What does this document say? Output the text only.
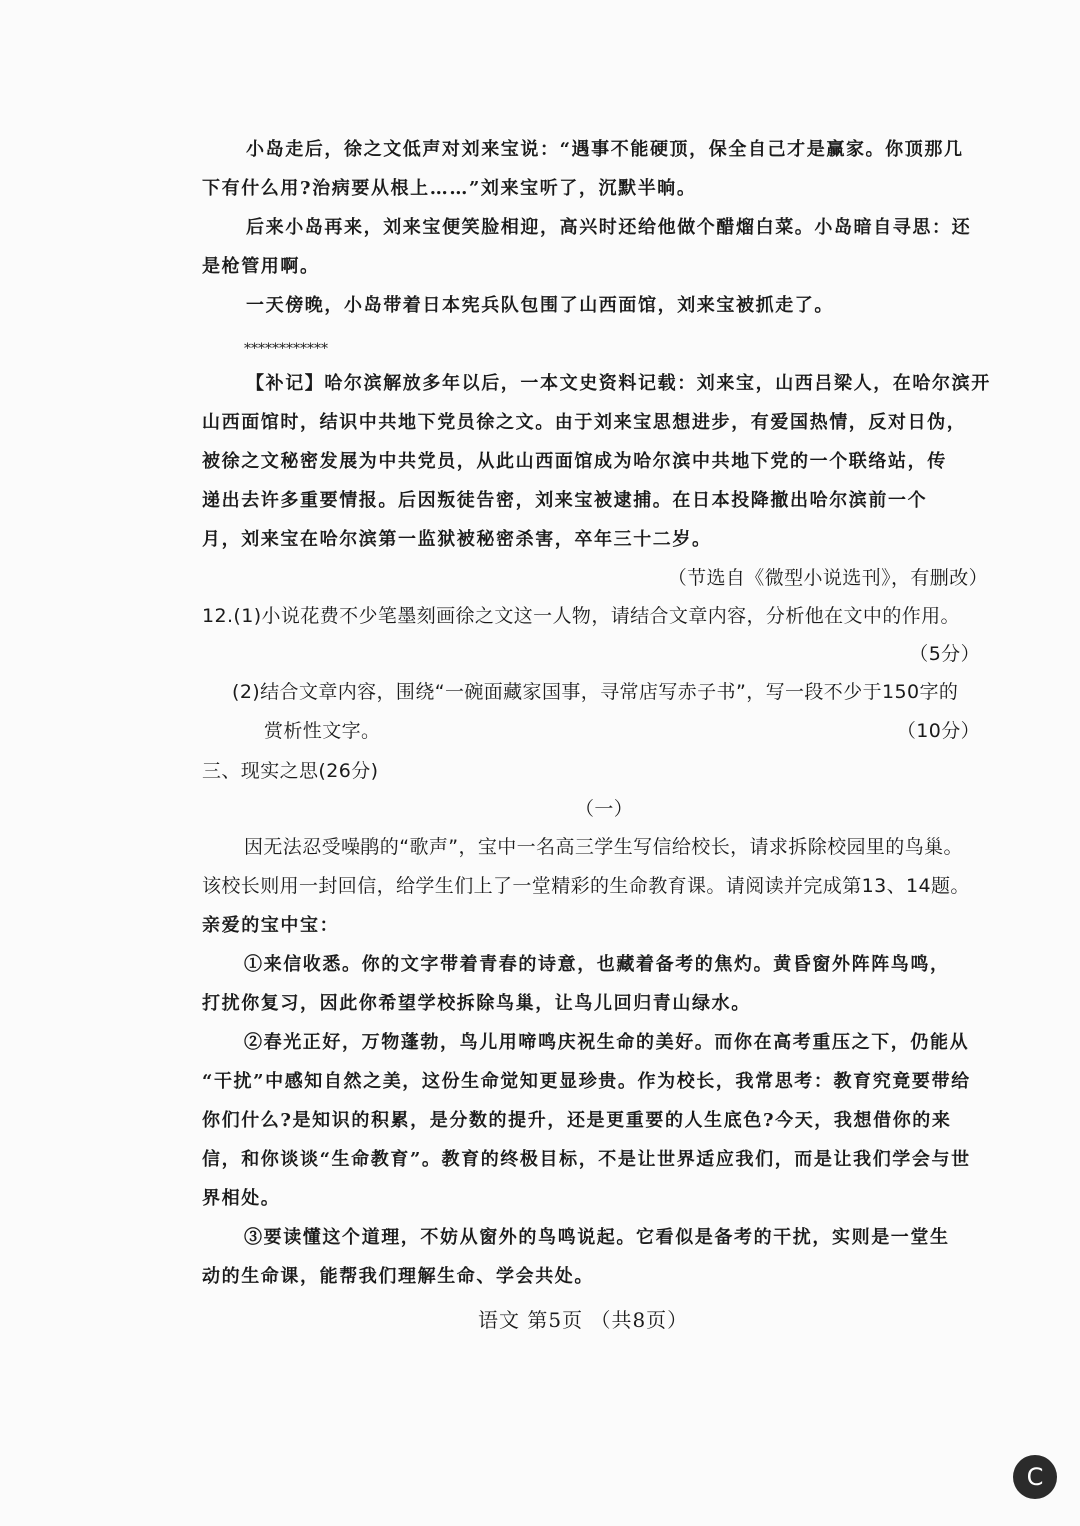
小岛走后，徐之文低声对刘来宝说：“遇事不能硬顶，保全自己才是赢家。你顶那几

下有什么用?治病要从根上……”刘来宝听了，沉默半晌。

后来小岛再来，刘来宝便笑脸相迎，高兴时还给他做个醋熘白菜。小岛暗自寻思：还

是枪管用啊。

一天傍晚，小岛带着日本宪兵队包围了山西面馆，刘来宝被抓走了。

************

【补记】哈尔滨解放多年以后，一本文史资料记载：刘来宝，山西吕梁人，在哈尔滨开

山西面馆时，结识中共地下党员徐之文。由于刘来宝思想进步，有爱国热情，反对日伪，

被徐之文秘密发展为中共党员，从此山西面馆成为哈尔滨中共地下党的一个联络站，传

递出去许多重要情报。后因叛徒告密，刘来宝被逮捕。在日本投降撤出哈尔滨前一个

月，刘来宝在哈尔滨第一监狱被秘密杀害，卒年三十二岁。

（节选自《微型小说选刊》，有删改）

12.(1)小说花费不少笔墨刻画徐之文这一人物，请结合文章内容，分析他在文中的作用。

（5分）

(2)结合文章内容，围绕“一碗面藏家国事，寻常店写赤子书”，写一段不少于150字的

赏析性文字。	（10分）

三、现实之思(26分)

（一）

因无法忍受噪鹃的“歌声”，宝中一名高三学生写信给校长，请求拆除校园里的鸟巢。

该校长则用一封回信，给学生们上了一堂精彩的生命教育课。请阅读并完成第13、14题。

亲爱的宝中宝：

①来信收悉。你的文字带着青春的诗意，也藏着备考的焦灼。黄昏窗外阵阵鸟鸣，

打扰你复习，因此你希望学校拆除鸟巢，让鸟儿回归青山绿水。

②春光正好，万物蓬勃，鸟儿用啼鸣庆祝生命的美好。而你在高考重压之下，仍能从

“干扰”中感知自然之美，这份生命觉知更显珍贵。作为校长，我常思考：教育究竟要带给

你们什么?是知识的积累，是分数的提升，还是更重要的人生底色?今天，我想借你的来

信，和你谈谈“生命教育”。教育的终极目标，不是让世界适应我们，而是让我们学会与世

界相处。

③要读懂这个道理，不妨从窗外的鸟鸣说起。它看似是备考的干扰，实则是一堂生

动的生命课，能帮我们理解生命、学会共处。

语文 第5页 （共8页）

C
